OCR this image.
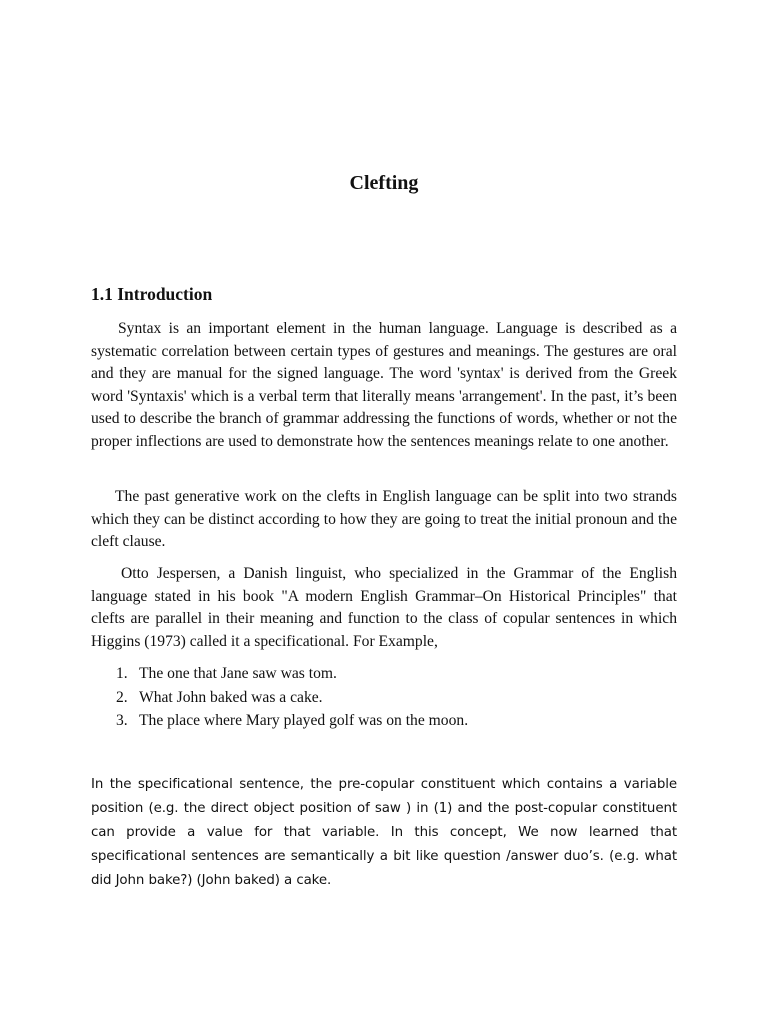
Clefting
1.1 Introduction

Syntax is an important element in the human language. Language is described as a systematic correlation between certain types of gestures and meanings. The gestures are oral and they are manual for the signed language. The word 'syntax' is derived from the Greek word 'Syntaxis' which is a verbal term that literally means 'arrangement'. In the past, it’s been used to describe the branch of grammar addressing the functions of words, whether or not the proper inflections are used to demonstrate how the sentences meanings relate to one another.

The past generative work on the clefts in English language can be split into two strands which they can be distinct according to how they are going to treat the initial pronoun and the cleft clause.

Otto Jespersen, a Danish linguist, who specialized in the Grammar of the English language stated in his book "A modern English Grammar–On Historical Principles" that clefts are parallel in their meaning and function to the class of copular sentences in which Higgins (1973) called it a specificational. For Example,

1. The one that Jane saw was tom.
2. What John baked was a cake.
3. The place where Mary played golf was on the moon.

In the specificational sentence, the pre-copular constituent which contains a variable position (e.g. the direct object position of saw ) in (1) and the post-copular constituent can provide a value for that variable. In this concept, We now learned that specificational sentences are semantically a bit like question /answer duo’s. (e.g. what did John bake?) (John baked) a cake.
